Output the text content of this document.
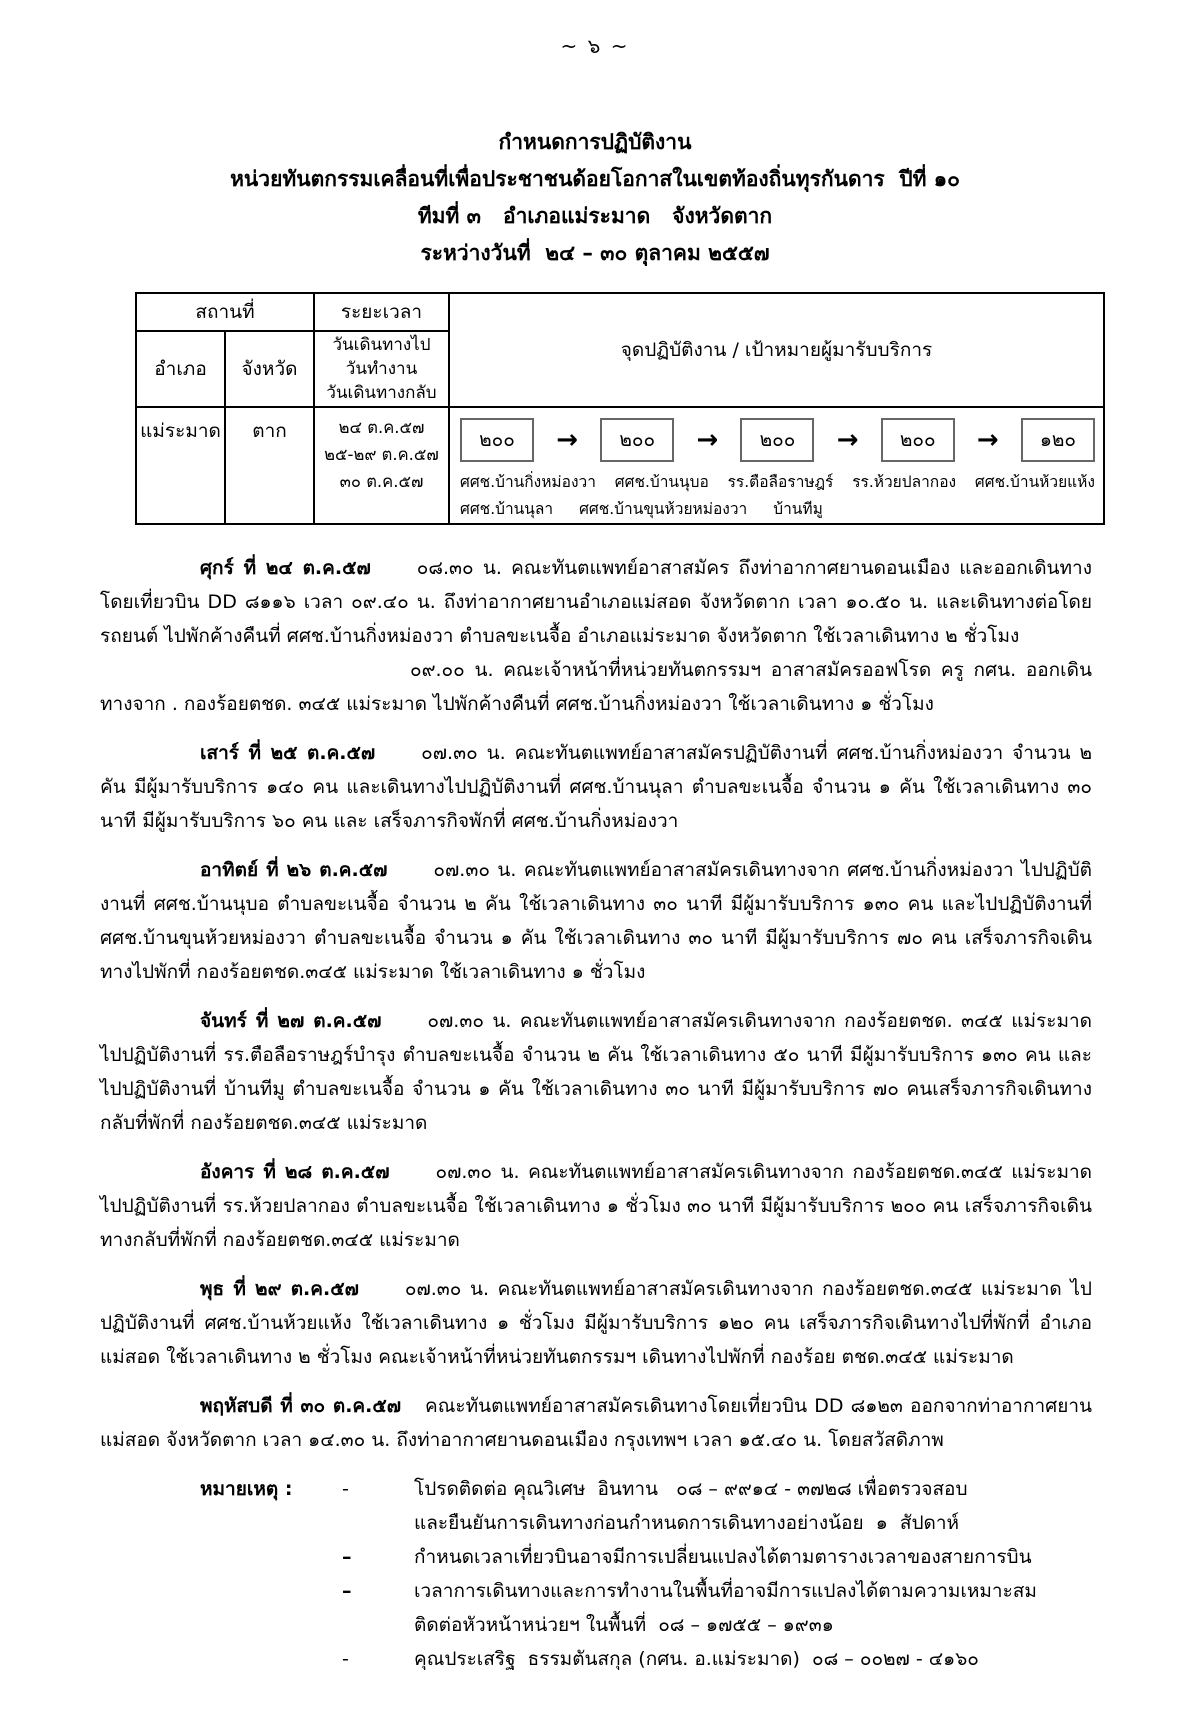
~ ๖ ~
กำหนดการปฏิบัติงาน
หน่วยทันตกรรมเคลื่อนที่เพื่อประชาชนด้อยโอกาสในเขตท้องถิ่นทุรกันดาร  ปีที่ ๑๐
ทีมที่ ๓   อำเภอแม่ระมาด   จังหวัดตาก
ระหว่างวันที่  ๒๔ – ๓๐ ตุลาคม ๒๕๕๗
สถานที่		ระยะเวลา	จุดปฏิบัติงาน / เป้าหมายผู้มารับบริการ
อำเภอ	จังหวัด	วันเดินทางไป
วันทำงาน
วันเดินทางกลับ	

แม่ระมาด	ตาก	๒๔ ต.ค.๕๗
๒๕-๒๙ ต.ค.๕๗
๓๐ ต.ค.๕๗

๒๐๐	→	๒๐๐	→	๒๐๐	→	๒๐๐	→	๑๒๐
ศศช.บ้านกิ่งหม่องวา ศศช.บ้านนุบอ รร.ตือลือราษฎร์ รร.ห้วยปลากอง ศศช.บ้านห้วยแห้ง
ศศช.บ้านนุลา ศศช.บ้านขุนห้วยหม่องวา บ้านทีมู
ศุกร์ ที่ ๒๔ ต.ค.๕๗ ๐๘.๓๐ น. คณะทันตแพทย์อาสาสมัคร ถึงท่าอากาศยานดอนเมือง และออกเดินทางโดยเที่ยวบิน DD ๘๑๑๖ เวลา ๐๙.๔๐ น. ถึงท่าอากาศยานอำเภอแม่สอด จังหวัดตาก เวลา ๑๐.๕๐ น. และเดินทางต่อโดยรถยนต์ ไปพักค้างคืนที่ ศศช.บ้านกิ่งหม่องวา ตำบลขะเนจื้อ อำเภอแม่ระมาด จังหวัดตาก ใช้เวลาเดินทาง ๒ ชั่วโมง
๐๙.๐๐ น. คณะเจ้าหน้าที่หน่วยทันตกรรมฯ อาสาสมัครออฟโรด ครู กศน. ออกเดินทางจาก . กองร้อยตชด. ๓๔๕ แม่ระมาด ไปพักค้างคืนที่ ศศช.บ้านกิ่งหม่องวา ใช้เวลาเดินทาง ๑ ชั่วโมง
เสาร์ ที่ ๒๕ ต.ค.๕๗ ๐๗.๓๐ น. คณะทันตแพทย์อาสาสมัครปฏิบัติงานที่ ศศช.บ้านกิ่งหม่องวา จำนวน ๒ คัน มีผู้มารับบริการ ๑๔๐ คน และเดินทางไปปฏิบัติงานที่ ศศช.บ้านนุลา ตำบลขะเนจื้อ จำนวน ๑ คัน ใช้เวลาเดินทาง ๓๐ นาที มีผู้มารับบริการ ๖๐ คน และ เสร็จภารกิจพักที่ ศศช.บ้านกิ่งหม่องวา
อาทิตย์ ที่ ๒๖ ต.ค.๕๗ ๐๗.๓๐ น. คณะทันตแพทย์อาสาสมัครเดินทางจาก ศศช.บ้านกิ่งหม่องวา ไปปฏิบัติงานที่ ศศช.บ้านนุบอ ตำบลขะเนจื้อ จำนวน ๒ คัน ใช้เวลาเดินทาง ๓๐ นาที มีผู้มารับบริการ ๑๓๐ คน และไปปฏิบัติงานที่ ศศช.บ้านขุนห้วยหม่องวา ตำบลขะเนจื้อ จำนวน ๑ คัน ใช้เวลาเดินทาง ๓๐ นาที มีผู้มารับบริการ ๗๐ คน เสร็จภารกิจเดินทางไปพักที่ กองร้อยตชด.๓๔๕ แม่ระมาด ใช้เวลาเดินทาง ๑ ชั่วโมง
จันทร์ ที่ ๒๗ ต.ค.๕๗ ๐๗.๓๐ น. คณะทันตแพทย์อาสาสมัครเดินทางจาก กองร้อยตชด. ๓๔๕ แม่ระมาด ไปปฏิบัติงานที่ รร.ตือลือราษฎร์บำรุง ตำบลขะเนจื้อ จำนวน ๒ คัน ใช้เวลาเดินทาง ๕๐ นาที มีผู้มารับบริการ ๑๓๐ คน และ ไปปฏิบัติงานที่ บ้านทีมู ตำบลขะเนจื้อ จำนวน ๑ คัน ใช้เวลาเดินทาง ๓๐ นาที มีผู้มารับบริการ ๗๐ คนเสร็จภารกิจเดินทางกลับที่พักที่ กองร้อยตชด.๓๔๕ แม่ระมาด
อังคาร ที่ ๒๘ ต.ค.๕๗ ๐๗.๓๐ น. คณะทันตแพทย์อาสาสมัครเดินทางจาก กองร้อยตชด.๓๔๕ แม่ระมาด ไปปฏิบัติงานที่ รร.ห้วยปลากอง ตำบลขะเนจื้อ ใช้เวลาเดินทาง ๑ ชั่วโมง ๓๐ นาที มีผู้มารับบริการ ๒๐๐ คน เสร็จภารกิจเดินทางกลับที่พักที่ กองร้อยตชด.๓๔๕ แม่ระมาด
พุธ ที่ ๒๙ ต.ค.๕๗ ๐๗.๓๐ น. คณะทันตแพทย์อาสาสมัครเดินทางจาก กองร้อยตชด.๓๔๕ แม่ระมาด ไปปฏิบัติงานที่ ศศช.บ้านห้วยแห้ง ใช้เวลาเดินทาง ๑ ชั่วโมง มีผู้มารับบริการ ๑๒๐ คน เสร็จภารกิจเดินทางไปที่พักที่ อำเภอแม่สอด ใช้เวลาเดินทาง ๒ ชั่วโมง คณะเจ้าหน้าที่หน่วยทันตกรรมฯ เดินทางไปพักที่ กองร้อย ตชด.๓๔๕ แม่ระมาด
พฤหัสบดี ที่ ๓๐ ต.ค.๕๗ คณะทันตแพทย์อาสาสมัครเดินทางโดยเที่ยวบิน DD ๘๑๒๓ ออกจากท่าอากาศยานแม่สอด จังหวัดตาก เวลา ๑๔.๓๐ น. ถึงท่าอากาศยานดอนเมือง กรุงเทพฯ เวลา ๑๕.๔๐ น. โดยสวัสดิภาพ
หมายเหตุ :	-	โปรดติดต่อ คุณวิเศษ  อินทาน   ๐๘ – ๙๙๑๔ - ๓๗๒๘ เพื่อตรวจสอบ
และยืนยันการเดินทางก่อนกำหนดการเดินทางอย่างน้อย  ๑  สัปดาห์
–	กำหนดเวลาเที่ยวบินอาจมีการเปลี่ยนแปลงได้ตามตารางเวลาของสายการบิน
–	เวลาการเดินทางและการทำงานในพื้นที่อาจมีการแปลงได้ตามความเหมาะสม
ติดต่อหัวหน้าหน่วยฯ ในพื้นที่  ๐๘ – ๑๗๕๕ – ๑๙๓๑
-	คุณประเสริฐ  ธรรมตันสกุล (กศน. อ.แม่ระมาด)  ๐๘ – ๐๐๒๗ - ๔๑๖๐
